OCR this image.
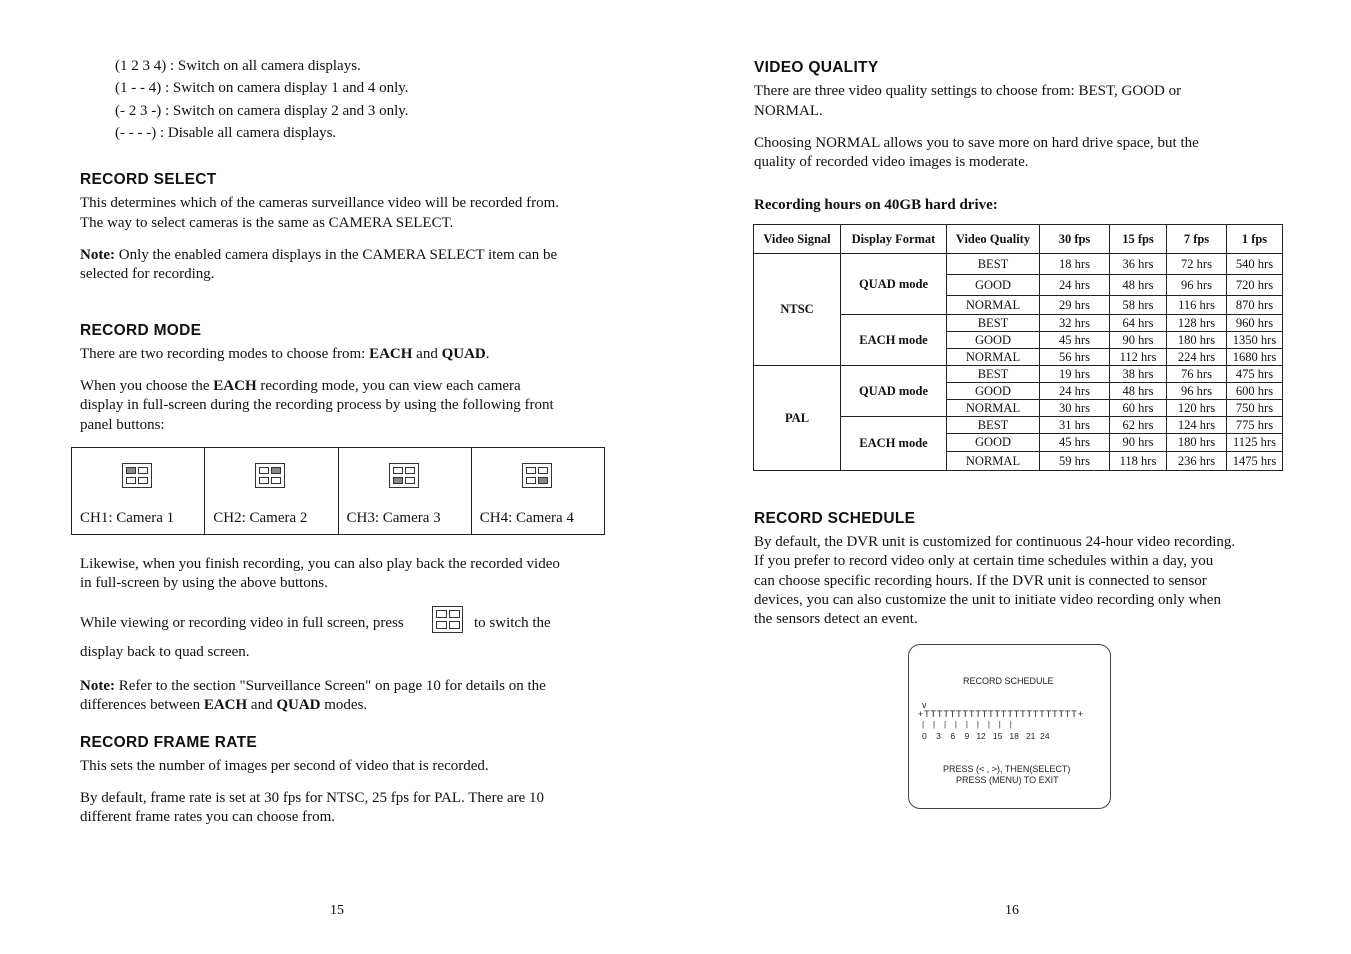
(1 2 3 4) : Switch on all camera displays.

(1 - - 4) : Switch on camera display 1 and 4 only.

(- 2 3 -) : Switch on camera display 2 and 3 only.

(- - - -) : Disable all camera displays.

RECORD SELECT

This determines which of the cameras surveillance video will be recorded from.

The way to select cameras is the same as CAMERA SELECT.

Note: Only the enabled camera displays in the CAMERA SELECT item can be

selected for recording.

RECORD MODE

There are two recording modes to choose from: EACH and QUAD.

When you choose the EACH recording mode, you can view each camera

display in full-screen during the recording process by using the following front

panel buttons:

CH1: Camera 1	CH2: Camera 2	CH3: Camera 3	CH4: Camera 4

Likewise, when you finish recording, you can also play back the recorded video

in full-screen by using the above buttons.

While viewing or recording video in full screen, press	to switch the

display back to quad screen.

Note: Refer to the section "Surveillance Screen" on page 10 for details on the

differences between EACH and QUAD modes.

RECORD FRAME RATE

This sets the number of images per second of video that is recorded.

By default, frame rate is set at 30 fps for NTSC, 25 fps for PAL. There are 10

different frame rates you can choose from.

15
VIDEO QUALITY

There are three video quality settings to choose from: BEST, GOOD or

NORMAL.

Choosing NORMAL allows you to save more on hard drive space, but the

quality of recorded video images is moderate.

Recording hours on 40GB hard drive:

Video Signal	Display Format	Video Quality	30 fps	15 fps	7 fps	1 fps
NTSC	QUAD mode	BEST	18 hrs	36 hrs	72 hrs	540 hrs
		GOOD	24 hrs	48 hrs	96 hrs	720 hrs
		NORMAL	29 hrs	58 hrs	116 hrs	870 hrs
	EACH mode	BEST	32 hrs	64 hrs	128 hrs	960 hrs
		GOOD	45 hrs	90 hrs	180 hrs	1350 hrs
		NORMAL	56 hrs	112 hrs	224 hrs	1680 hrs
PAL	QUAD mode	BEST	19 hrs	38 hrs	76 hrs	475 hrs
		GOOD	24 hrs	48 hrs	96 hrs	600 hrs
		NORMAL	30 hrs	60 hrs	120 hrs	750 hrs
	EACH mode	BEST	31 hrs	62 hrs	124 hrs	775 hrs
		GOOD	45 hrs	90 hrs	180 hrs	1125 hrs
		NORMAL	59 hrs	118 hrs	236 hrs	1475 hrs
RECORD SCHEDULE

By default, the DVR unit is customized for continuous 24-hour video recording.

If you prefer to record video only at certain time schedules within a day, you

can choose specific recording hours. If the DVR unit is connected to sensor

devices, you can also customize the unit to initiate video recording only when

the sensors detect an event.

RECORD SCHEDULE
v
+TTTTTTTTTTTTTTTTTTTTTTTT+
|    |    |    |    |    |    |    |    |
0    3    6    9   12   15   18   21  24
PRESS (< , >), THEN(SELECT)
PRESS (MENU) TO EXIT
16
